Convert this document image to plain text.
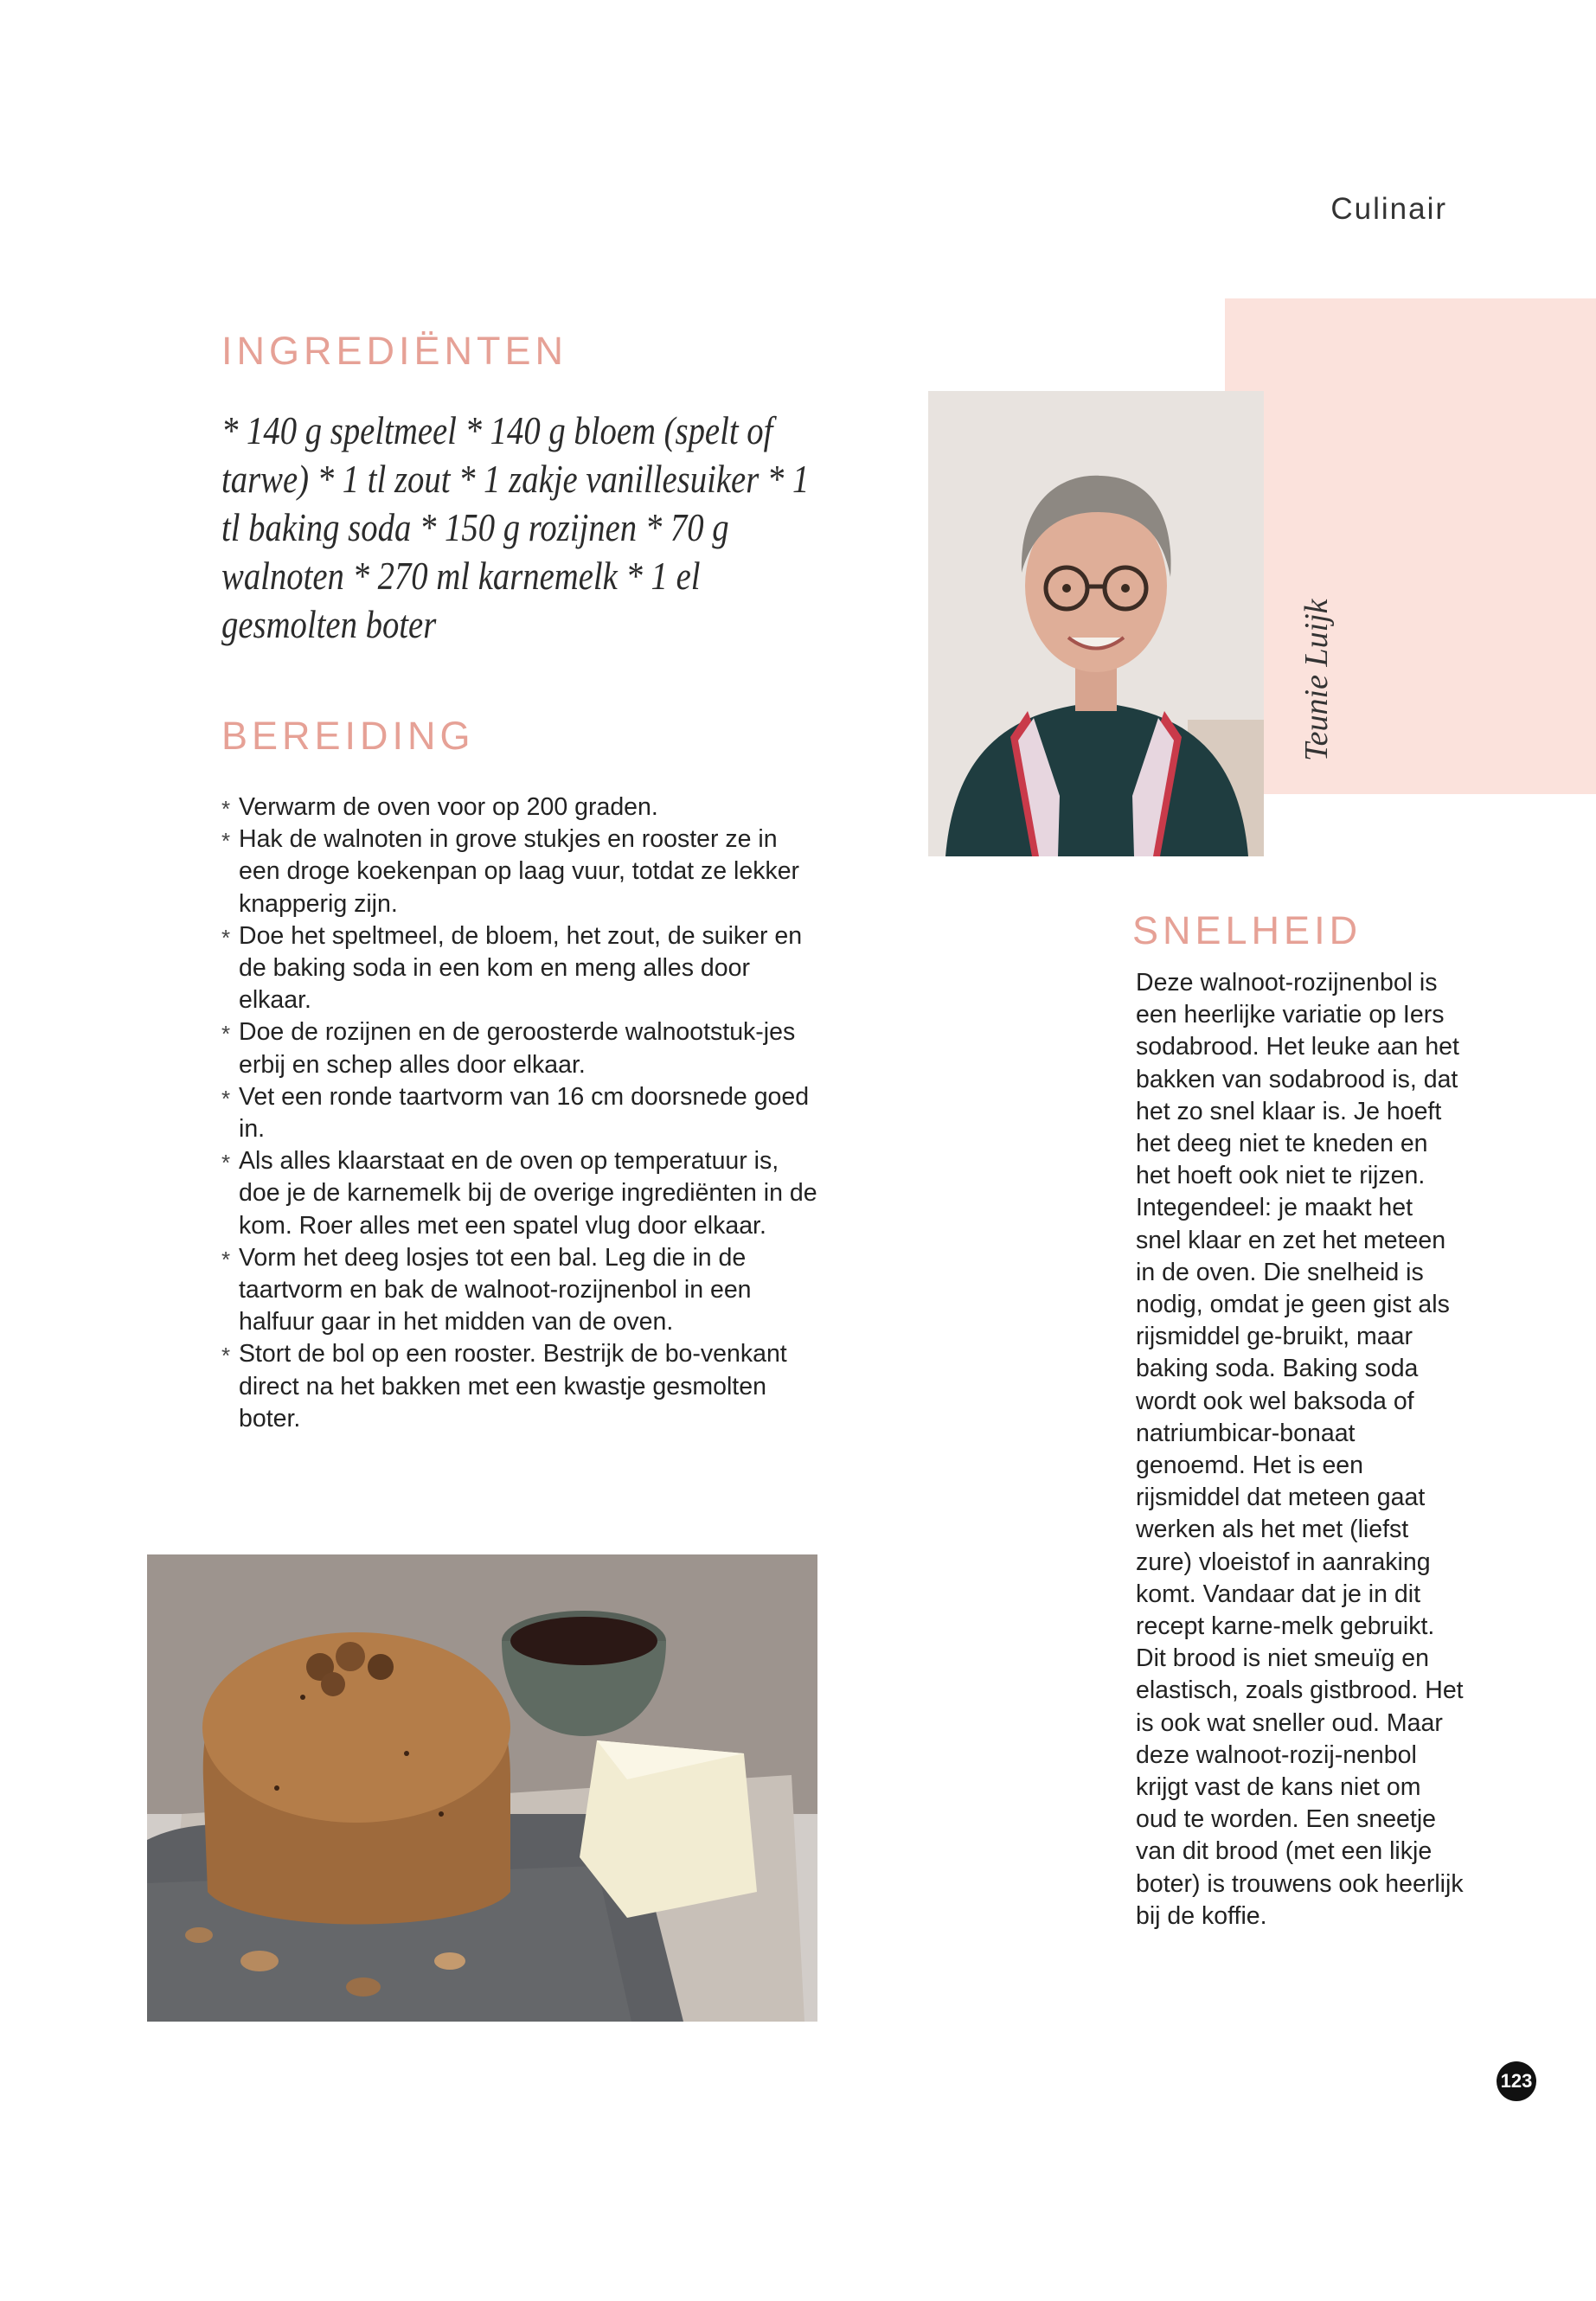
Culinair
INGREDIËNTEN
* 140 g speltmeel * 140 g bloem (spelt of tarwe) * 1 tl zout * 1 zakje vanillesuiker * 1 tl baking soda * 150 g rozijnen * 70 g walnoten * 270 ml karnemelk * 1 el gesmolten boter
BEREIDING
* Verwarm de oven voor op 200 graden.
* Hak de walnoten in grove stukjes en rooster ze in een droge koekenpan op laag vuur, totdat ze lekker knapperig zijn.
* Doe het speltmeel, de bloem, het zout, de suiker en de baking soda in een kom en meng alles door elkaar.
* Doe de rozijnen en de geroosterde walnootstuk-jes erbij en schep alles door elkaar.
* Vet een ronde taartvorm van 16 cm doorsnede goed in.
* Als alles klaarstaat en de oven op temperatuur is, doe je de karnemelk bij de overige ingrediënten in de kom. Roer alles met een spatel vlug door elkaar.
* Vorm het deeg losjes tot een bal. Leg die in de taartvorm en bak de walnoot-rozijnenbol in een halfuur gaar in het midden van de oven.
* Stort de bol op een rooster. Bestrijk de bo-venkant direct na het bakken met een kwastje gesmolten boter.
Teunie Luijk
SNELHEID

Deze walnoot-rozijnenbol is een heerlijke variatie op Iers sodabrood. Het leuke aan het bakken van sodabrood is, dat het zo snel klaar is. Je hoeft het deeg niet te kneden en het hoeft ook niet te rijzen. Integendeel: je maakt het snel klaar en zet het meteen in de oven. Die snelheid is nodig, omdat je geen gist als rijsmiddel ge-bruikt, maar baking soda. Baking soda wordt ook wel baksoda of natriumbicar-bonaat genoemd. Het is een rijsmiddel dat meteen gaat werken als het met (liefst zure) vloeistof in aanraking komt. Vandaar dat je in dit recept karne-melk gebruikt.
Dit brood is niet smeuïg en elastisch, zoals gistbrood. Het is ook wat sneller oud. Maar deze walnoot-rozij-nenbol krijgt vast de kans niet om oud te worden. Een sneetje van dit brood (met een likje boter) is trouwens ook heerlijk bij de koffie.

123
